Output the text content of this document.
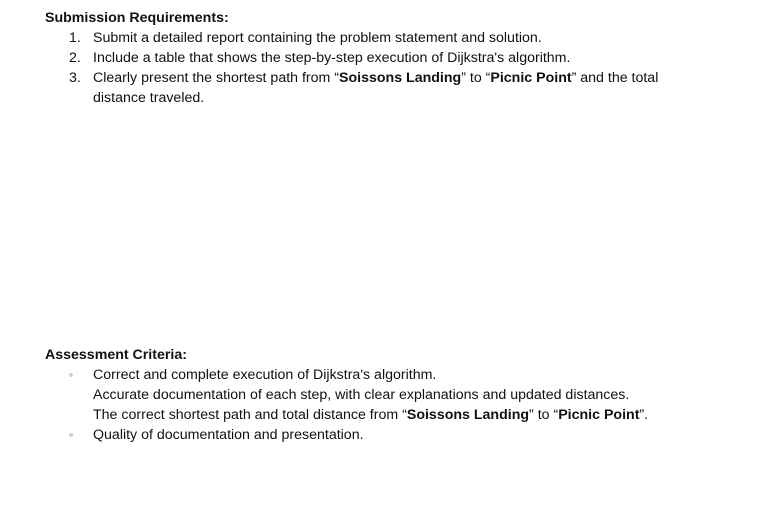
Submission Requirements:

1. Submit a detailed report containing the problem statement and solution.
2. Include a table that shows the step-by-step execution of Dijkstra's algorithm.
3. Clearly present the shortest path from “Soissons Landing” to “Picnic Point” and the total
distance traveled.

Assessment Criteria:

Correct and complete execution of Dijkstra's algorithm.
Accurate documentation of each step, with clear explanations and updated distances.
The correct shortest path and total distance from “Soissons Landing” to “Picnic Point”.
Quality of documentation and presentation.
